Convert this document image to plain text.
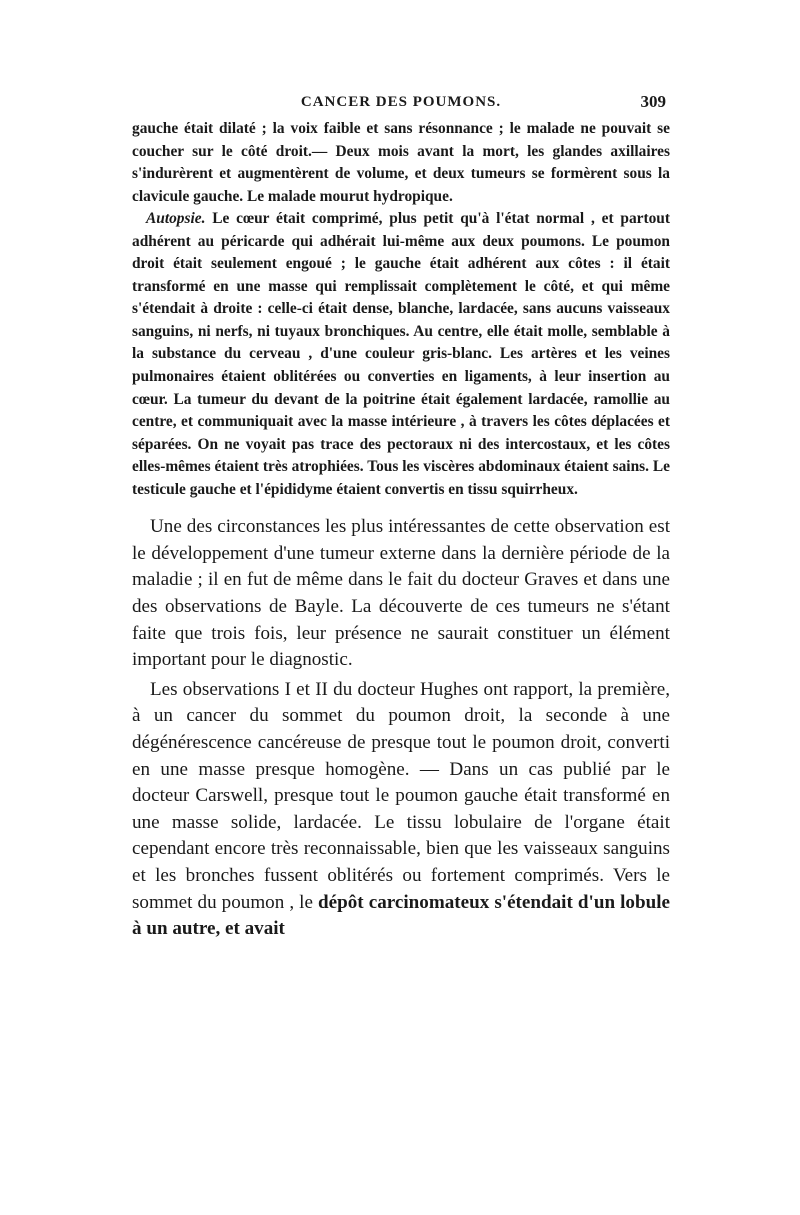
CANCER DES POUMONS.	309

gauche était dilaté ; la voix faible et sans résonnance ; le malade ne pouvait se coucher sur le côté droit.— Deux mois avant la mort, les glandes axillaires s'indurèrent et augmentèrent de volume, et deux tumeurs se formèrent sous la clavicule gauche. Le malade mourut hydropique.

Autopsie. Le cœur était comprimé, plus petit qu'à l'état normal , et partout adhérent au péricarde qui adhérait lui-même aux deux poumons. Le poumon droit était seulement engoué ; le gauche était adhérent aux côtes : il était transformé en une masse qui remplissait complètement le côté, et qui même s'étendait à droite : celle-ci était dense, blanche, lardacée, sans aucuns vaisseaux sanguins, ni nerfs, ni tuyaux bronchiques. Au centre, elle était molle, semblable à la substance du cerveau , d'une couleur gris-blanc. Les artères et les veines pulmonaires étaient oblitérées ou converties en ligaments, à leur insertion au cœur. La tumeur du devant de la poitrine était également lardacée, ramollie au centre, et communiquait avec la masse intérieure , à travers les côtes déplacées et séparées. On ne voyait pas trace des pectoraux ni des intercostaux, et les côtes elles-mêmes étaient très atrophiées. Tous les viscères abdominaux étaient sains. Le testicule gauche et l'épididyme étaient convertis en tissu squirrheux.

Une des circonstances les plus intéressantes de cette observation est le développement d'une tumeur externe dans la dernière période de la maladie ; il en fut de même dans le fait du docteur Graves et dans une des observations de Bayle. La découverte de ces tumeurs ne s'étant faite que trois fois, leur présence ne saurait constituer un élément important pour le diagnostic.

Les observations I et II du docteur Hughes ont rapport, la première, à un cancer du sommet du poumon droit, la seconde à une dégénérescence cancéreuse de presque tout le poumon droit, converti en une masse presque homogène. — Dans un cas publié par le docteur Carswell, presque tout le poumon gauche était transformé en une masse solide, lardacée. Le tissu lobulaire de l'organe était cependant encore très reconnaissable, bien que les vaisseaux sanguins et les bronches fussent oblitérés ou fortement comprimés. Vers le sommet du poumon , le dépôt carcinomateux s'étendait d'un lobule à un autre, et avait
